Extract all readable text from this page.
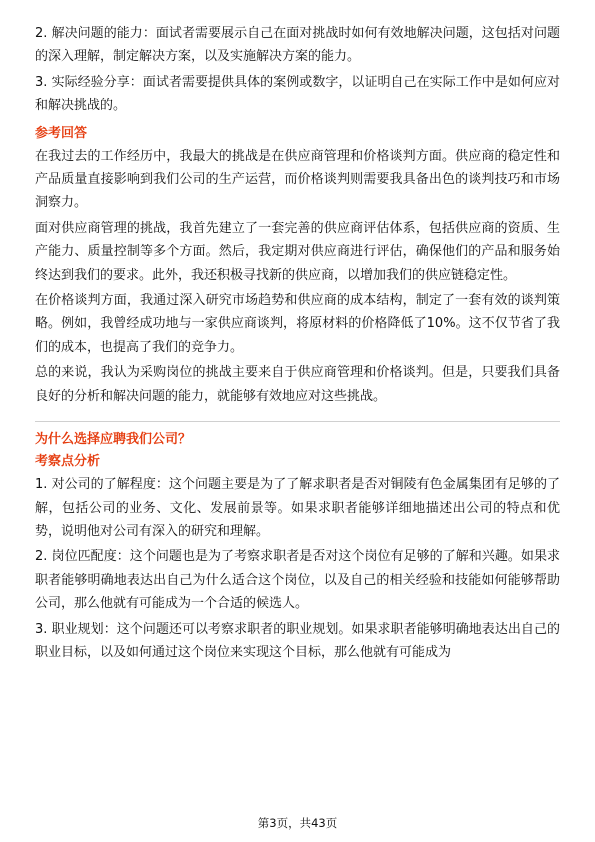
2. 解决问题的能力：面试者需要展示自己在面对挑战时如何有效地解决问题，这包括对问题的深入理解，制定解决方案，以及实施解决方案的能力。

3. 实际经验分享：面试者需要提供具体的案例或数字，以证明自己在实际工作中是如何应对和解决挑战的。

参考回答

在我过去的工作经历中，我最大的挑战是在供应商管理和价格谈判方面。供应商的稳定性和产品质量直接影响到我们公司的生产运营，而价格谈判则需要我具备出色的谈判技巧和市场洞察力。

面对供应商管理的挑战，我首先建立了一套完善的供应商评估体系，包括供应商的资质、生产能力、质量控制等多个方面。然后，我定期对供应商进行评估，确保他们的产品和服务始终达到我们的要求。此外，我还积极寻找新的供应商，以增加我们的供应链稳定性。

在价格谈判方面，我通过深入研究市场趋势和供应商的成本结构，制定了一套有效的谈判策略。例如，我曾经成功地与一家供应商谈判，将原材料的价格降低了10%。这不仅节省了我们的成本，也提高了我们的竞争力。

总的来说，我认为采购岗位的挑战主要来自于供应商管理和价格谈判。但是，只要我们具备良好的分析和解决问题的能力，就能够有效地应对这些挑战。

为什么选择应聘我们公司？
考察点分析

1. 对公司的了解程度：这个问题主要是为了了解求职者是否对铜陵有色金属集团有足够的了解，包括公司的业务、文化、发展前景等。如果求职者能够详细地描述出公司的特点和优势，说明他对公司有深入的研究和理解。

2. 岗位匹配度：这个问题也是为了考察求职者是否对这个岗位有足够的了解和兴趣。如果求职者能够明确地表达出自己为什么适合这个岗位，以及自己的相关经验和技能如何能够帮助公司，那么他就有可能成为一个合适的候选人。

3. 职业规划：这个问题还可以考察求职者的职业规划。如果求职者能够明确地表达出自己的职业目标，以及如何通过这个岗位来实现这个目标，那么他就有可能成为

第3页，共43页
